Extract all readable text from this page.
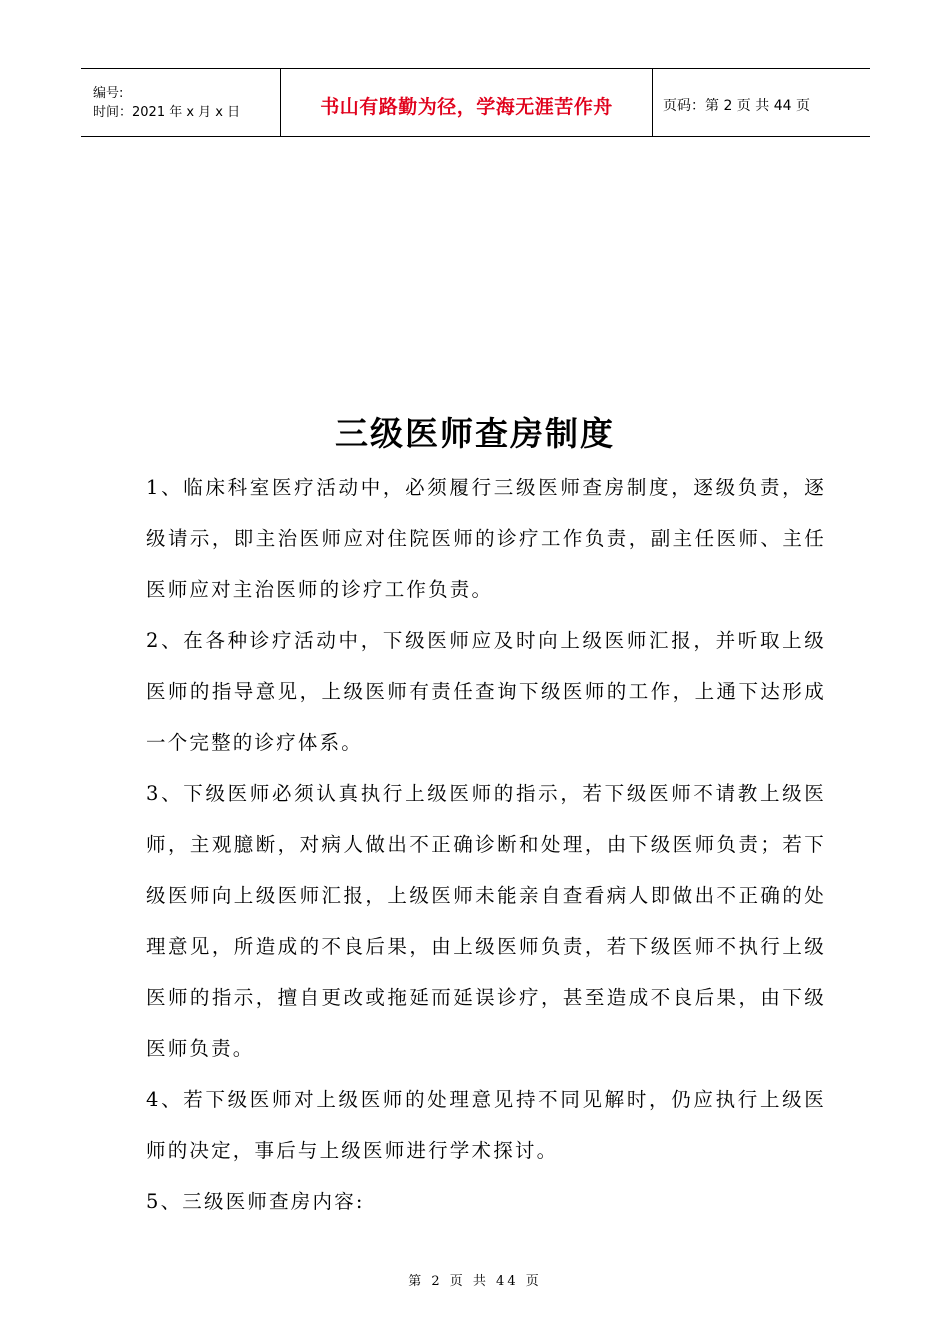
编号:
时间：2021 年 x 月 x 日	书山有路勤为径，学海无涯苦作舟	页码：第 2 页 共 44 页
三级医师查房制度

1、临床科室医疗活动中，必须履行三级医师查房制度，逐级负责，逐级请示，即主治医师应对住院医师的诊疗工作负责，副主任医师、主任医师应对主治医师的诊疗工作负责。

2、在各种诊疗活动中，下级医师应及时向上级医师汇报，并听取上级医师的指导意见，上级医师有责任查询下级医师的工作，上通下达形成一个完整的诊疗体系。

3、下级医师必须认真执行上级医师的指示，若下级医师不请教上级医师，主观臆断，对病人做出不正确诊断和处理，由下级医师负责；若下级医师向上级医师汇报，上级医师未能亲自查看病人即做出不正确的处理意见，所造成的不良后果，由上级医师负责，若下级医师不执行上级医师的指示，擅自更改或拖延而延误诊疗，甚至造成不良后果，由下级医师负责。

4、若下级医师对上级医师的处理意见持不同见解时，仍应执行上级医师的决定，事后与上级医师进行学术探讨。

5、三级医师查房内容:

第 2 页 共 44 页
